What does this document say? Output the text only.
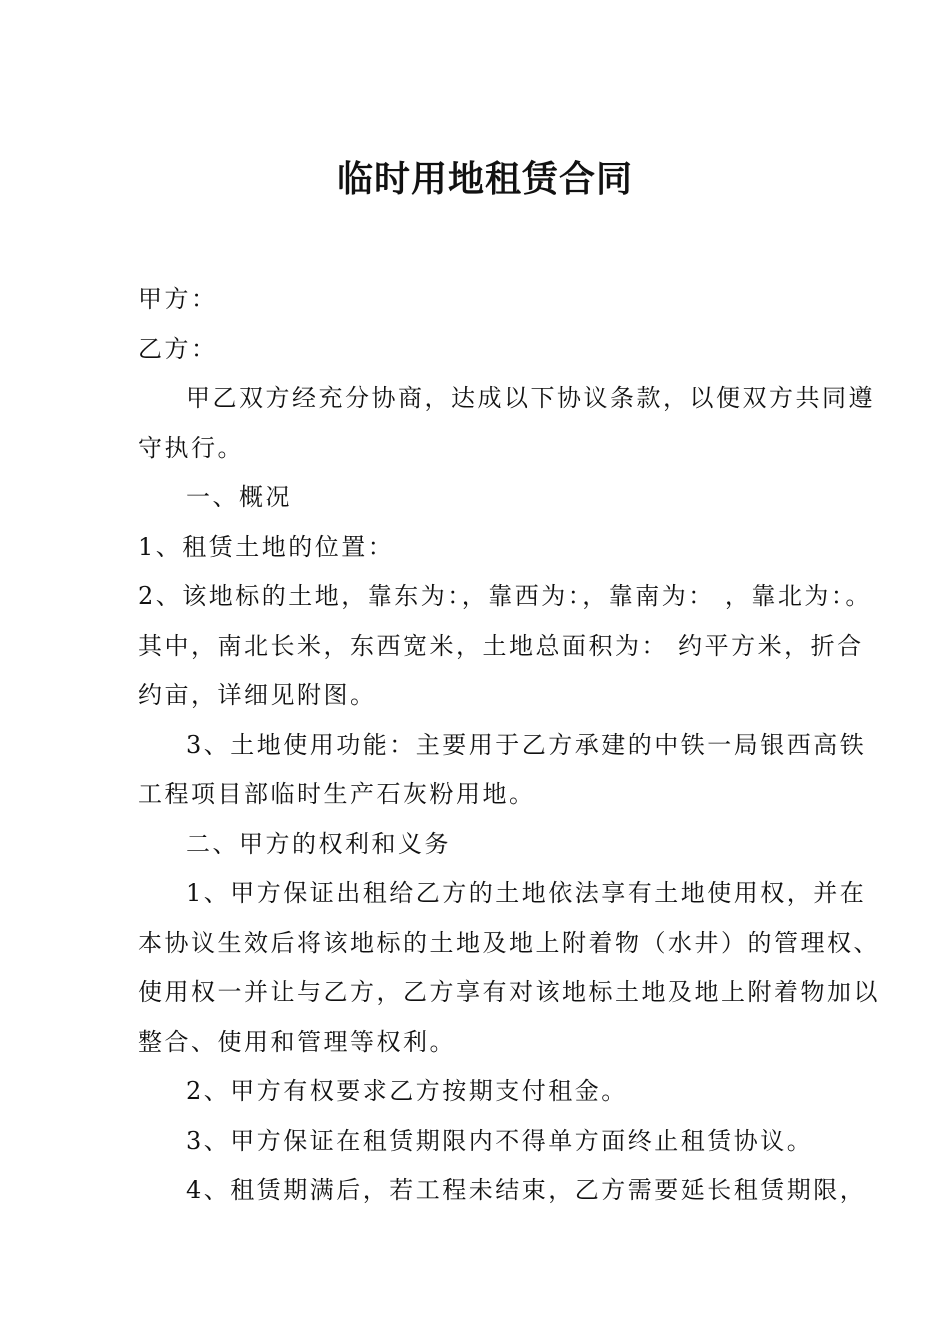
临时用地租赁合同

甲方：

乙方：

甲乙双方经充分协商，达成以下协议条款，以便双方共同遵

守执行。

一、概况

1、租赁土地的位置：

2、该地标的土地，靠东为：，靠西为：，靠南为： ，靠北为：。

其中，南北长米，东西宽米，土地总面积为： 约平方米，折合

约亩，详细见附图。

3、土地使用功能：主要用于乙方承建的中铁一局银西高铁

工程项目部临时生产石灰粉用地。

二、甲方的权利和义务

1、甲方保证出租给乙方的土地依法享有土地使用权，并在

本协议生效后将该地标的土地及地上附着物（水井）的管理权、

使用权一并让与乙方，乙方享有对该地标土地及地上附着物加以

整合、使用和管理等权利。

2、甲方有权要求乙方按期支付租金。

3、甲方保证在租赁期限内不得单方面终止租赁协议。

4、租赁期满后，若工程未结束，乙方需要延长租赁期限，
